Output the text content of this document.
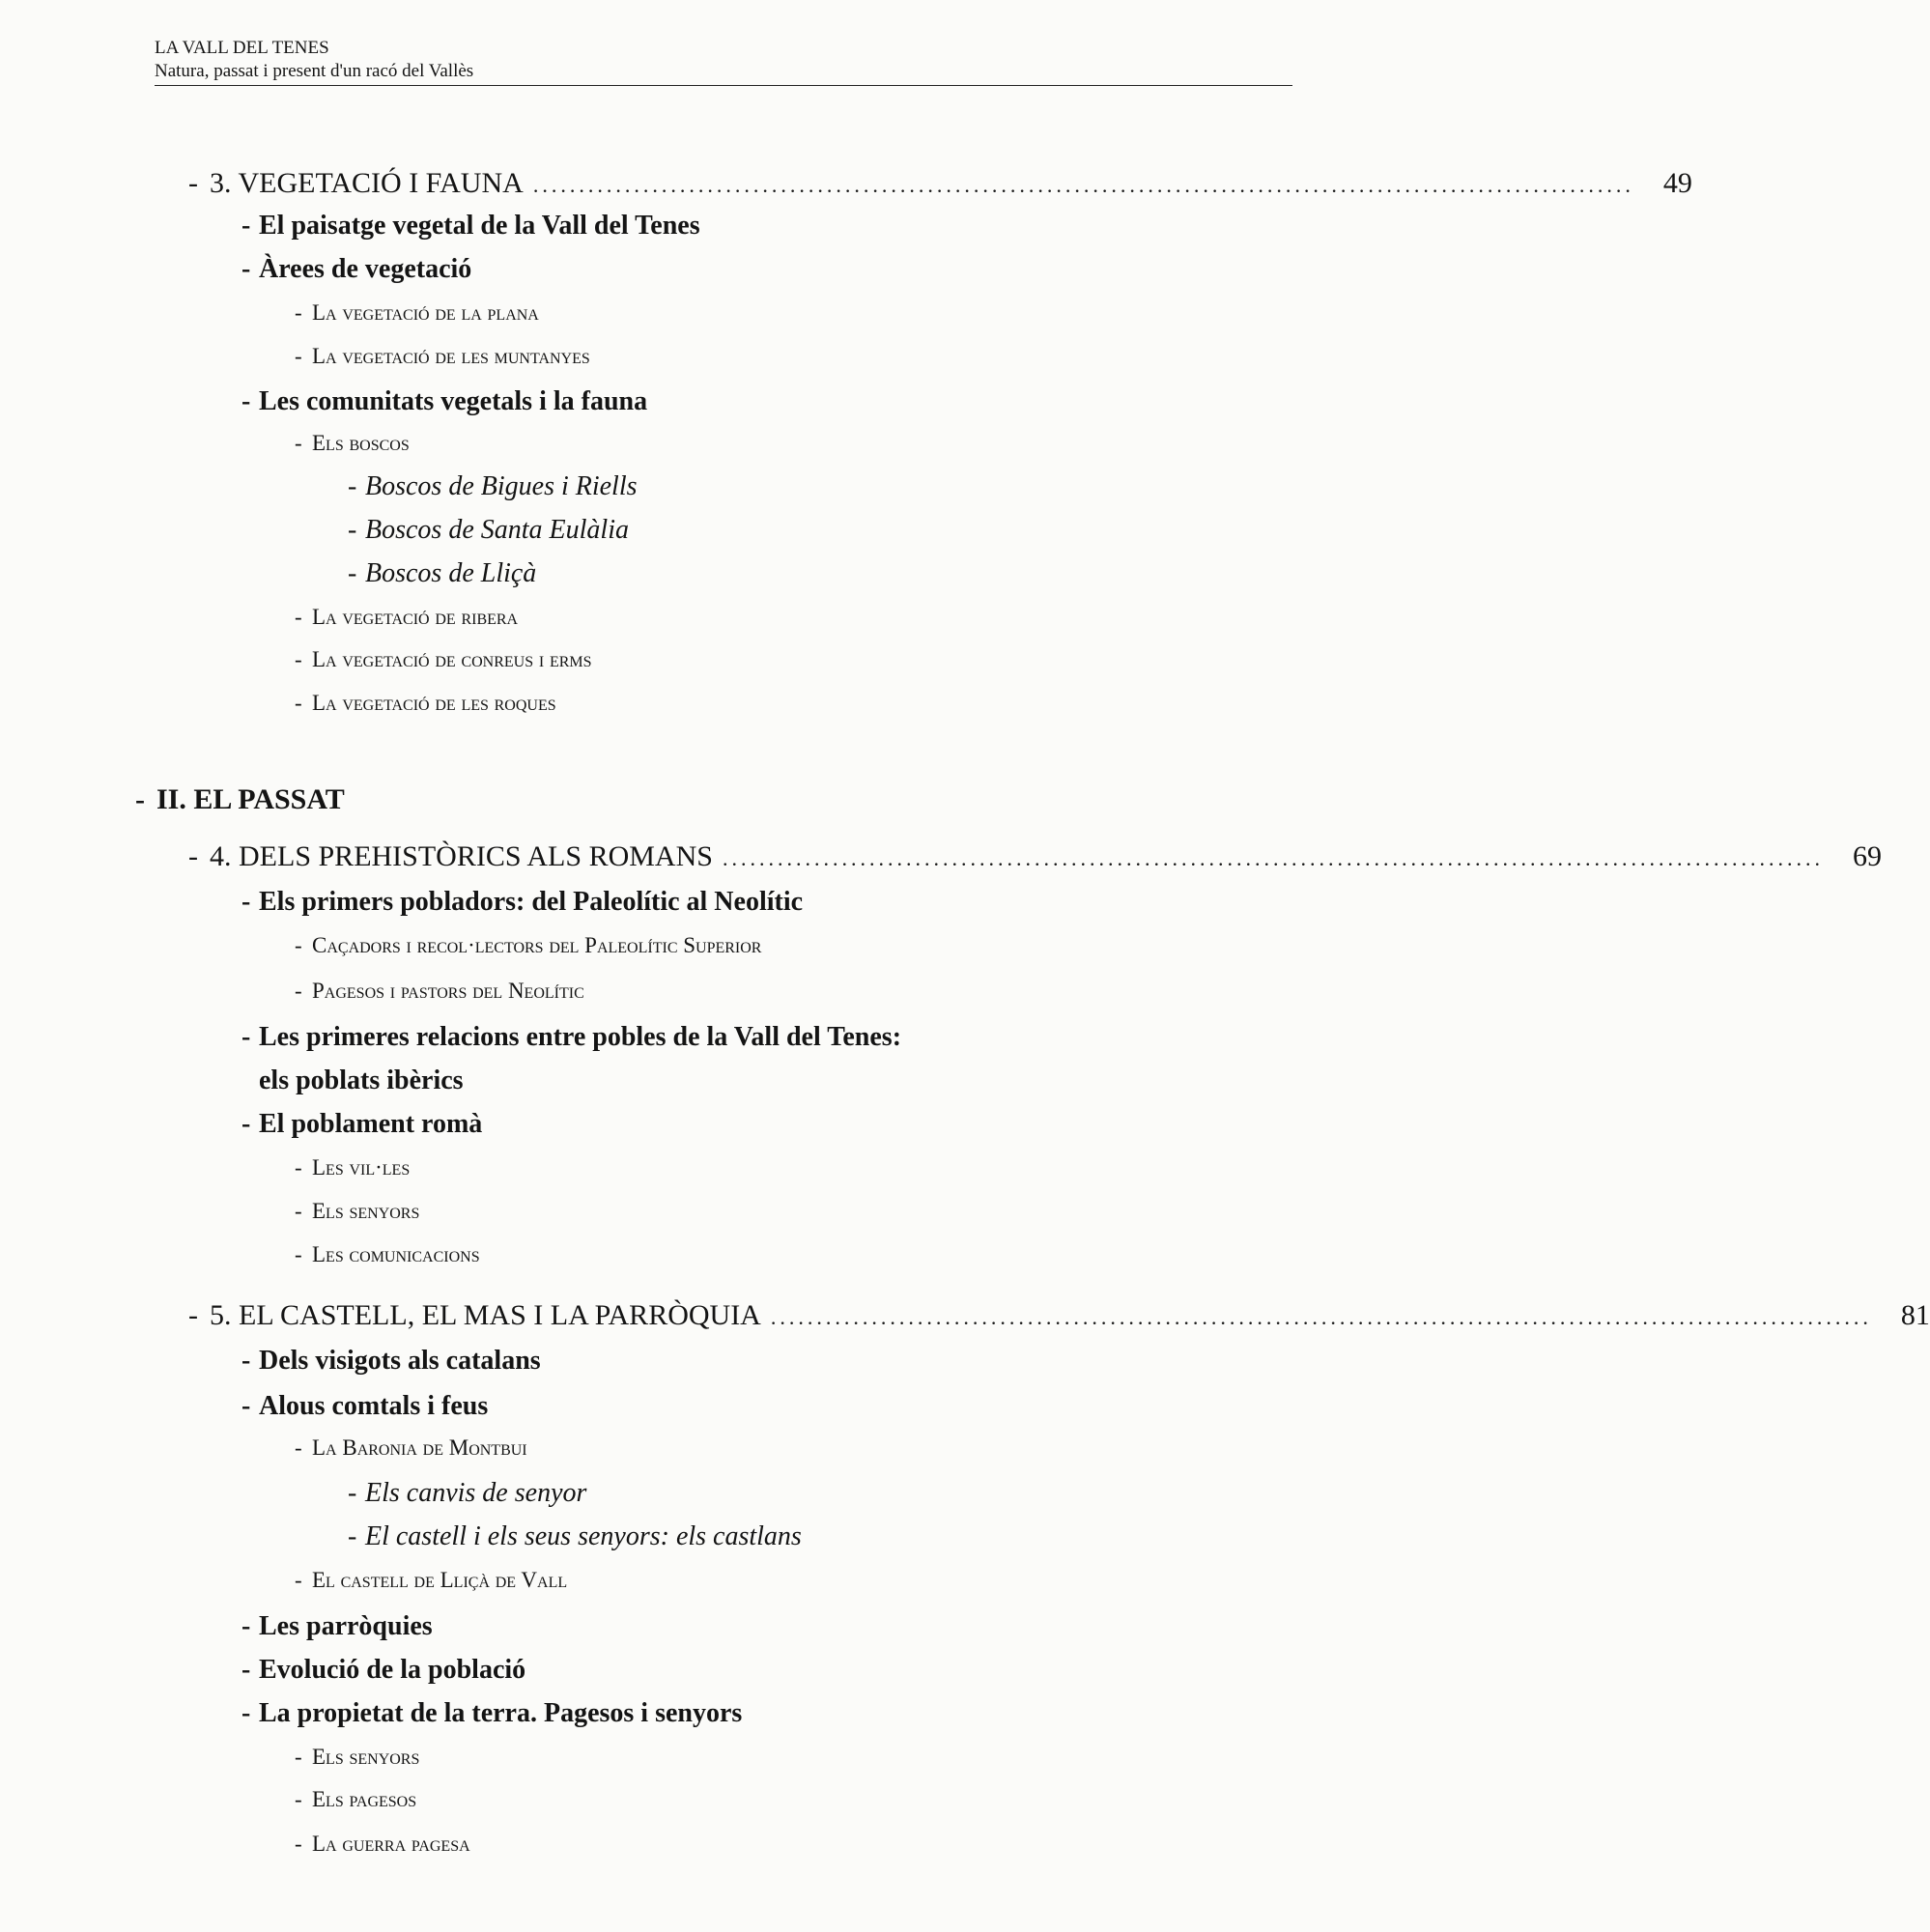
LA VALL DEL TENES
Natura, passat i present d'un racó del Vallès
- 3. VEGETACIÓ I FAUNA ........................................................................................................................	49
- El paisatge vegetal de la Vall del Tenes
- Àrees de vegetació
- La vegetació de la plana
- La vegetació de les muntanyes
- Les comunitats vegetals i la fauna
- Els boscos
- Boscos de Bigues i Riells
- Boscos de Santa Eulàlia
- Boscos de Lliçà
- La vegetació de ribera
- La vegetació de conreus i erms
- La vegetació de les roques
- II. EL PASSAT
- 4. DELS PREHISTÒRICS ALS ROMANS ........................................................................................................................	69
- Els primers pobladors: del Paleolític al Neolític
- Caçadors i recol·lectors del Paleolític Superior
- Pagesos i pastors del Neolític
- Les primeres relacions entre pobles de la Vall del Tenes:
els poblats ibèrics
- El poblament romà
- Les vil·les
- Els senyors
- Les comunicacions
- 5. EL CASTELL, EL MAS I LA PARRÒQUIA ........................................................................................................................	81
- Dels visigots als catalans
- Alous comtals i feus
- La Baronia de Montbui
- Els canvis de senyor
- El castell i els seus senyors: els castlans
- El castell de Lliçà de Vall
- Les parròquies
- Evolució de la població
- La propietat de la terra. Pagesos i senyors
- Els senyors
- Els pagesos
- La guerra pagesa
